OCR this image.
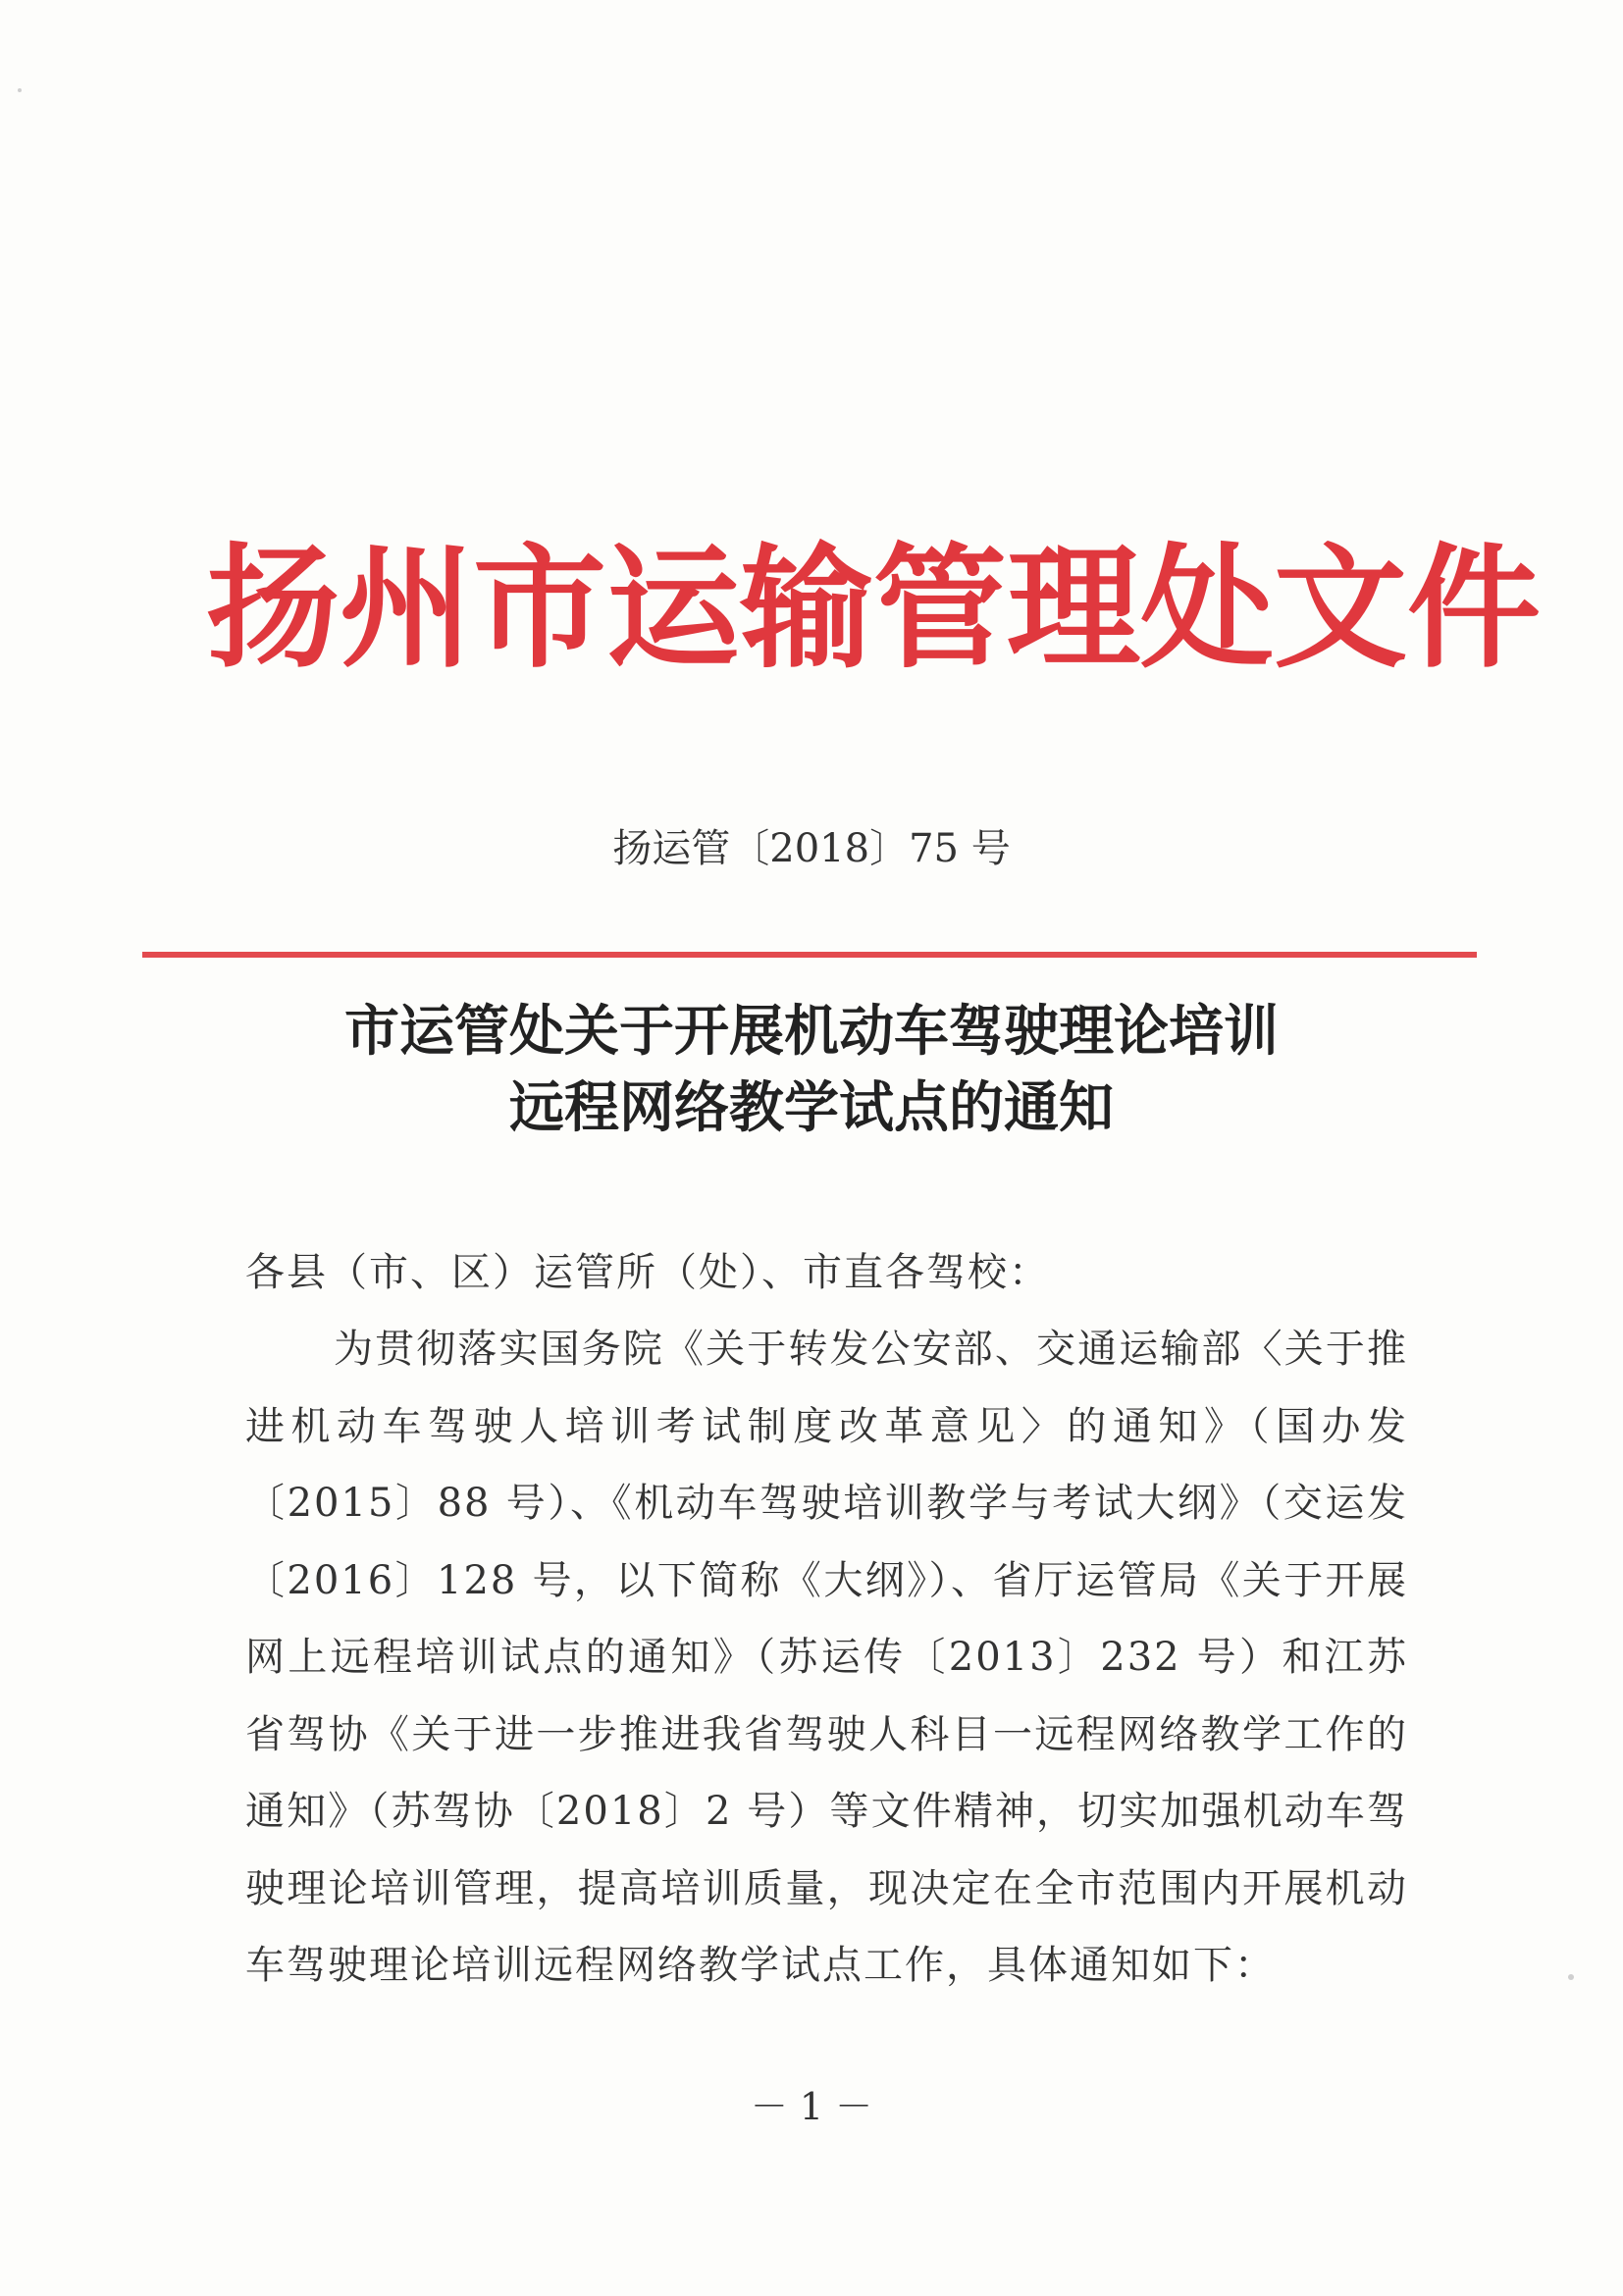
扬州市运输管理处文件
扬运管〔2018〕75 号
市运管处关于开展机动车驾驶理论培训
远程网络教学试点的通知
各县（市、区）运管所（处）、市直各驾校：
为贯彻落实国务院《关于转发公安部、交通运输部〈关于推进机动车驾驶人培训考试制度改革意见〉的通知》（国办发〔2015〕88 号）、《机动车驾驶培训教学与考试大纲》（交运发〔2016〕128 号，以下简称《大纲》）、省厅运管局《关于开展网上远程培训试点的通知》（苏运传〔2013〕232 号）和江苏省驾协《关于进一步推进我省驾驶人科目一远程网络教学工作的通知》（苏驾协〔2018〕2 号）等文件精神，切实加强机动车驾驶理论培训管理，提高培训质量，现决定在全市范围内开展机动车驾驶理论培训远程网络教学试点工作，具体通知如下：
－ 1 －
